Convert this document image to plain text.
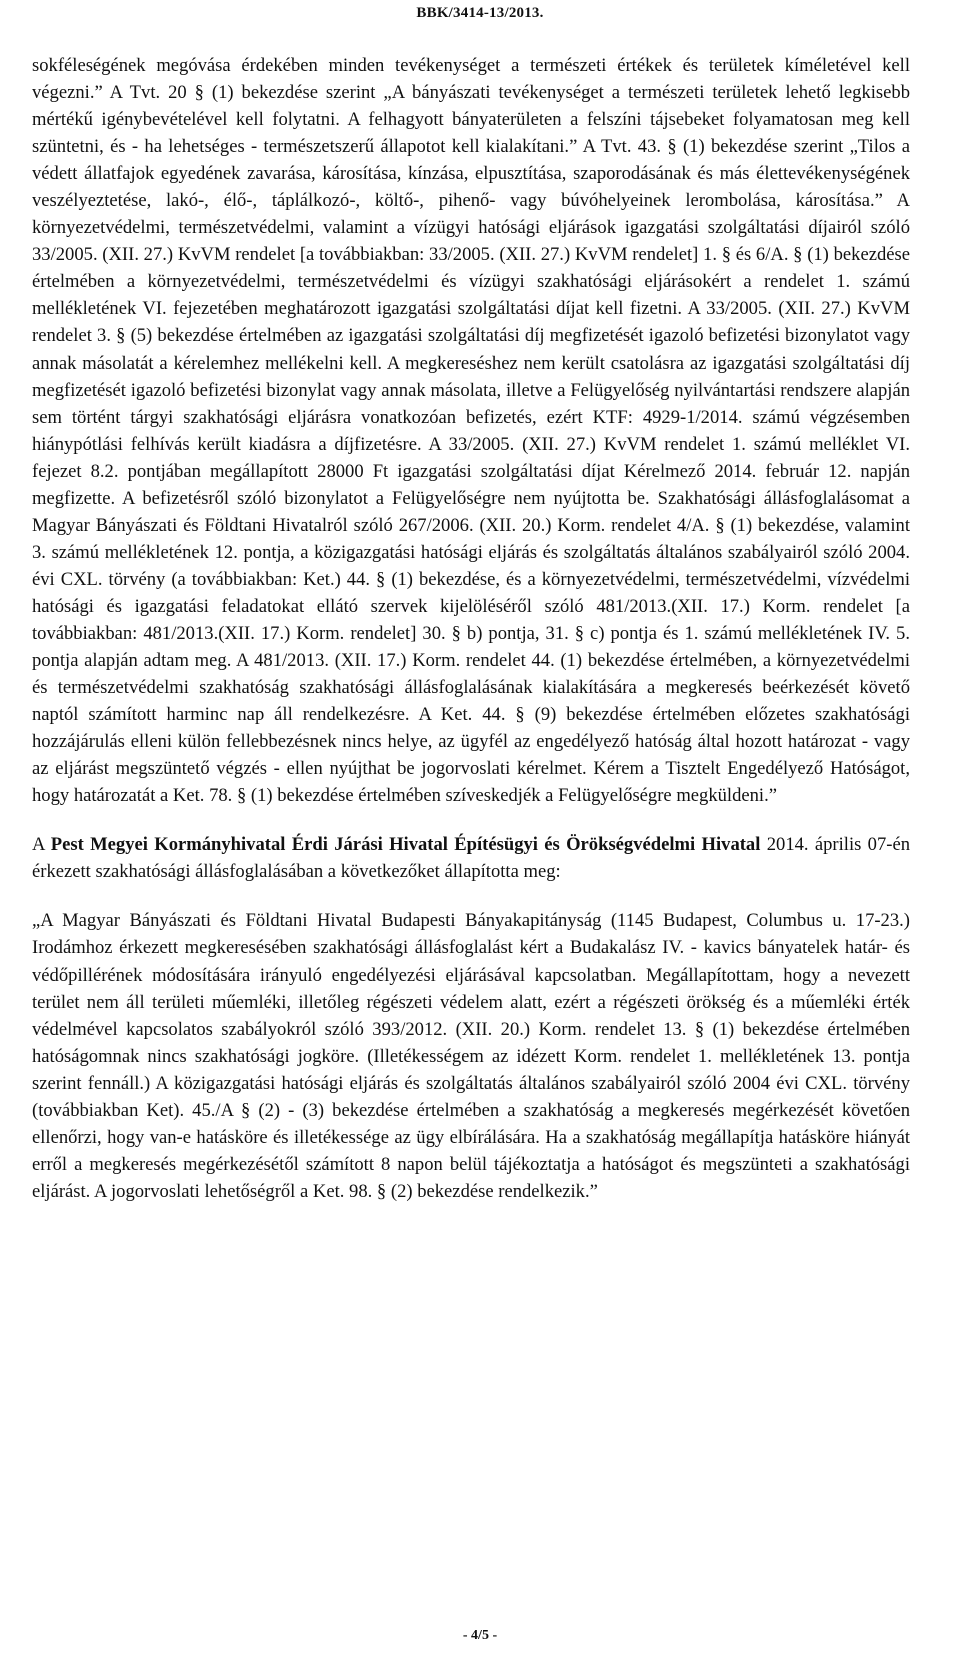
BBK/3414-13/2013.

sokféleségének megóvása érdekében minden tevékenységet a természeti értékek és területek kíméletével kell végezni.” A Tvt. 20 § (1) bekezdése szerint „A bányászati tevékenységet a természeti területek lehető legkisebb mértékű igénybevételével kell folytatni. A felhagyott bányaterületen a felszíni tájsebeket folyamatosan meg kell szüntetni, és - ha lehetséges - természetszerű állapotot kell kialakítani.” A Tvt. 43. § (1) bekezdése szerint „Tilos a védett állatfajok egyedének zavarása, károsítása, kínzása, elpusztítása, szaporodásának és más élettevékenységének veszélyeztetése, lakó-, élő-, táplálkozó-, költő-, pihenő- vagy búvóhelyeinek lerombolása, károsítása.” A környezetvédelmi, természetvédelmi, valamint a vízügyi hatósági eljárások igazgatási szolgáltatási díjairól szóló 33/2005. (XII. 27.) KvVM rendelet [a továbbiakban: 33/2005. (XII. 27.) KvVM rendelet] 1. § és 6/A. § (1) bekezdése értelmében a környezetvédelmi, természetvédelmi és vízügyi szakhatósági eljárásokért a rendelet 1. számú mellékletének VI. fejezetében meghatározott igazgatási szolgáltatási díjat kell fizetni. A 33/2005. (XII. 27.) KvVM rendelet 3. § (5) bekezdése értelmében az igazgatási szolgáltatási díj megfizetését igazoló befizetési bizonylatot vagy annak másolatát a kérelemhez mellékelni kell. A megkereséshez nem került csatolásra az igazgatási szolgáltatási díj megfizetését igazoló befizetési bizonylat vagy annak másolata, illetve a Felügyelőség nyilvántartási rendszere alapján sem történt tárgyi szakhatósági eljárásra vonatkozóan befizetés, ezért KTF: 4929-1/2014. számú végzésemben hiánypótlási felhívás került kiadásra a díjfizetésre. A 33/2005. (XII. 27.) KvVM rendelet 1. számú melléklet VI. fejezet 8.2. pontjában megállapított 28000 Ft igazgatási szolgáltatási díjat Kérelmező 2014. február 12. napján megfizette. A befizetésről szóló bizonylatot a Felügyelőségre nem nyújtotta be. Szakhatósági állásfoglalásomat a Magyar Bányászati és Földtani Hivatalról szóló 267/2006. (XII. 20.) Korm. rendelet 4/A. § (1) bekezdése, valamint 3. számú mellékletének 12. pontja, a közigazgatási hatósági eljárás és szolgáltatás általános szabályairól szóló 2004. évi CXL. törvény (a továbbiakban: Ket.) 44. § (1) bekezdése, és a környezetvédelmi, természetvédelmi, vízvédelmi hatósági és igazgatási feladatokat ellátó szervek kijelöléséről szóló 481/2013.(XII. 17.) Korm. rendelet [a továbbiakban: 481/2013.(XII. 17.) Korm. rendelet] 30. § b) pontja, 31. § c) pontja és 1. számú mellékletének IV. 5. pontja alapján adtam meg. A 481/2013. (XII. 17.) Korm. rendelet 44. (1) bekezdése értelmében, a környezetvédelmi és természetvédelmi szakhatóság szakhatósági állásfoglalásának kialakítására a megkeresés beérkezését követő naptól számított harminc nap áll rendelkezésre. A Ket. 44. § (9) bekezdése értelmében előzetes szakhatósági hozzájárulás elleni külön fellebbezésnek nincs helye, az ügyfél az engedélyező hatóság által hozott határozat - vagy az eljárást megszüntető végzés - ellen nyújthat be jogorvoslati kérelmet. Kérem a Tisztelt Engedélyező Hatóságot, hogy határozatát a Ket. 78. § (1) bekezdése értelmében szíveskedjék a Felügyelőségre megküldeni.”

A Pest Megyei Kormányhivatal Érdi Járási Hivatal Építésügyi és Örökségvédelmi Hivatal 2014. április 07-én érkezett szakhatósági állásfoglalásában a következőket állapította meg:

„A Magyar Bányászati és Földtani Hivatal Budapesti Bányakapitányság (1145 Budapest, Columbus u. 17-23.) Irodámhoz érkezett megkeresésében szakhatósági állásfoglalást kért a Budakalász IV. - kavics bányatelek határ- és védőpillérének módosítására irányuló engedélyezési eljárásával kapcsolatban. Megállapítottam, hogy a nevezett terület nem áll területi műemléki, illetőleg régészeti védelem alatt, ezért a régészeti örökség és a műemléki érték védelmével kapcsolatos szabályokról szóló 393/2012. (XII. 20.) Korm. rendelet 13. § (1) bekezdése értelmében hatóságomnak nincs szakhatósági jogköre. (Illetékességem az idézett Korm. rendelet 1. mellékletének 13. pontja szerint fennáll.) A közigazgatási hatósági eljárás és szolgáltatás általános szabályairól szóló 2004 évi CXL. törvény (továbbiakban Ket). 45./A § (2) - (3) bekezdése értelmében a szakhatóság a megkeresés megérkezését követően ellenőrzi, hogy van-e hatásköre és illetékessége az ügy elbírálására. Ha a szakhatóság megállapítja hatásköre hiányát erről a megkeresés megérkezésétől számított 8 napon belül tájékoztatja a hatóságot és megszünteti a szakhatósági eljárást. A jogorvoslati lehetőségről a Ket. 98. § (2) bekezdése rendelkezik.”

- 4/5 -
